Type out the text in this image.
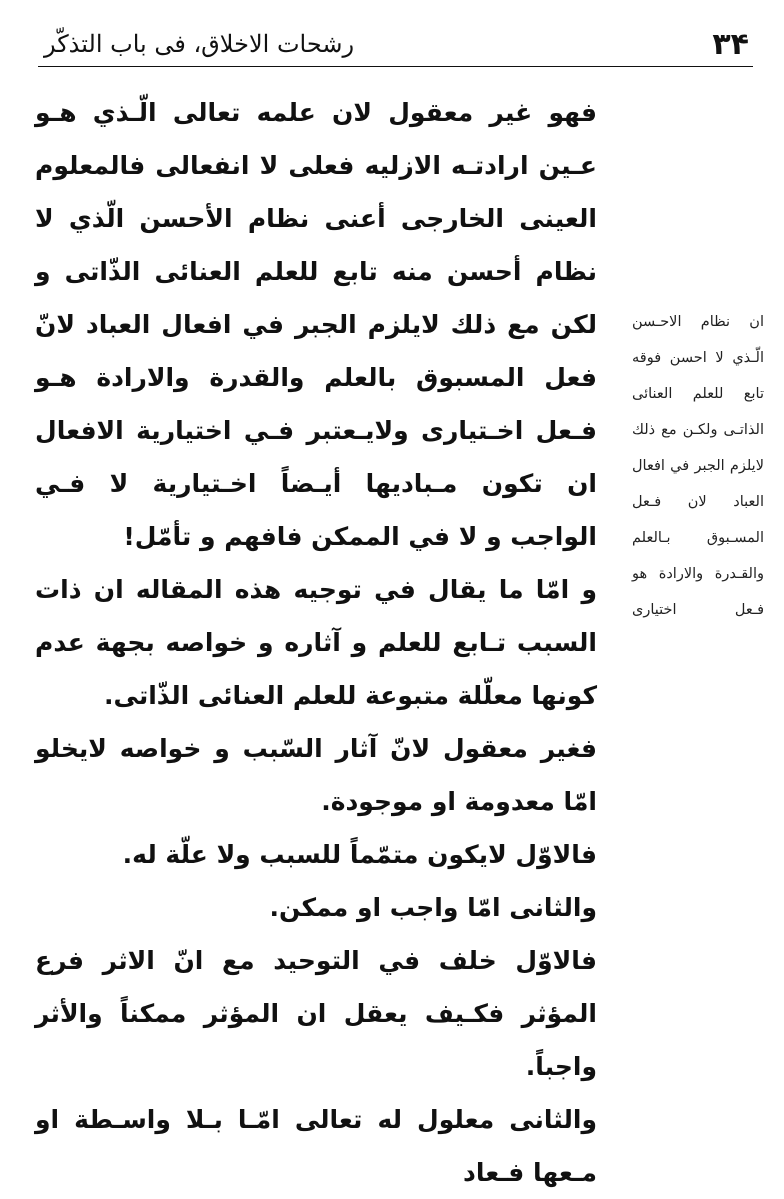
٣۴
رشحات الاخلاق، فی باب التذكّر

فهو غير معقول لان علمه تعالى الّـذي هـو عـين ارادتـه الازليه فعلى لا انفعالى فالمعلوم العينى الخارجى أعنى نظام الأحسن الّذي لا نظام أحسن منه تابع للعلم العنائى الذّاتى و لكن مع ذلك لايلزم الجبر في افعال العباد لانّ فعل المسبوق بالعلم والقدرة والارادة هـو فـعل اخـتيارى ولايـعتبر فـي اختيارية الافعال ان تكون مـباديها أيـضاً اخـتيارية لا فـي الواجب و لا في الممكن فافهم و تأمّل!

و امّا ما يقال في توجيه هذه المقاله ان ذات السبب تـابع للعلم و آثاره و خواصه بجهة عدم كونها معلّلة متبوعة للعلم العنائى الذّاتى.

فغير معقول لانّ آثار السّبب و خواصه لايخلو امّا معدومة او موجودة.

فالاوّل لايكون متمّماً للسبب ولا علّة له.

والثانى امّا واجب او ممكن.

فالاوّل خلف في التوحيد مع انّ الاثر فرع المؤثر فكـيف يعقل ان المؤثر ممكناً والأثر واجباً.

والثانى معلول له تعالى امّـا بـلا واسـطة او مـعها فـعاد

ان نظام الاحـسن الّـذي لا احسن فوقه تابع للعلم العنائى الذاتـى ولكـن مع ذلك لايلزم الجبر في افعال العباد لان فـعل المسـبوق بـالعلم والقـدرة والارادة هو فـعل اختيارى
